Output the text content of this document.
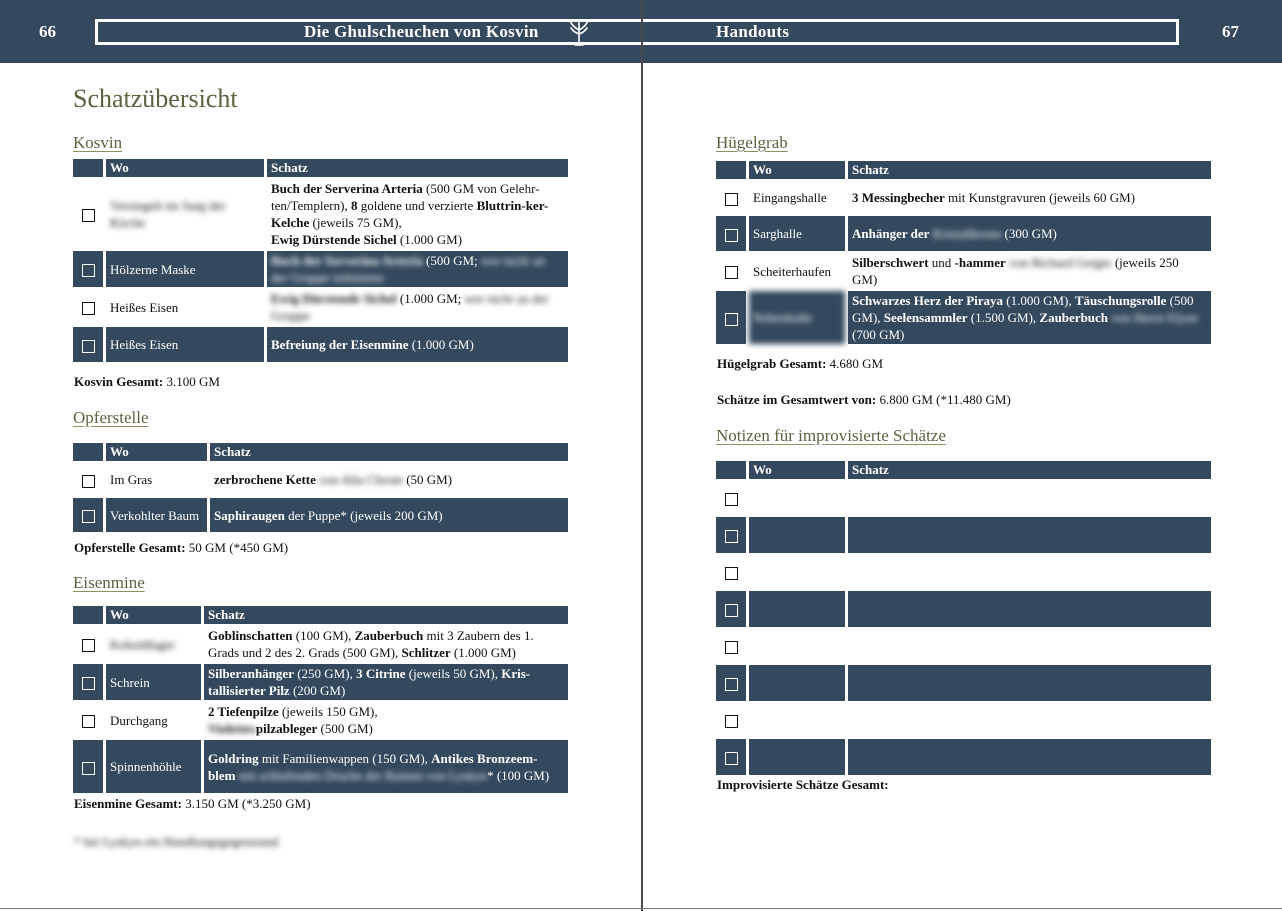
66	67
Die Ghulscheuchen von Kosvin	Handouts
Schatzübersicht
Kosvin
	Wo	Schatz
	Versiegelt im Sarg der Kirche	Buch der Serverina Arteria (500 GM von Gelehr-ten/Templern), 8 goldene und verzierte Bluttrin-ker-Kelche (jeweils 75 GM),
Ewig Dürstende Sichel (1.000 GM)
	Hölzerne Maske	Buch der Serverina Arteria (500 GM; wer nicht an der Gruppe teilnimmt
	Heißes Eisen	Ewig Dürstende Sichel (1.000 GM; wer nicht an der Gruppe
	Heißes Eisen	Befreiung der Eisenmine (1.000 GM)
Kosvin Gesamt: 3.100 GM
Opferstelle
	Wo	Schatz
	Im Gras	zerbrochene Kette von Alia Chrom (50 GM)
	Verkohlter Baum	Saphiraugen der Puppe* (jeweils 200 GM)
Opferstelle Gesamt: 50 GM (*450 GM)
Eisenmine
	Wo	Schatz
	Koboldlager	Goblinschatten (100 GM), Zauberbuch mit 3 Zaubern des 1. Grads und 2 des 2. Grads (500 GM), Schlitzer (1.000 GM)
	Schrein	Silberanhänger (250 GM), 3 Citrine (jeweils 50 GM), Kris-tallisierter Pilz (200 GM)
	Durchgang	2 Tiefenpilze (jeweils 150 GM),
Violettespilzableger (500 GM)
	Spinnenhöhle	Goldring mit Familienwappen (150 GM), Antikes Bronzeem-blem mit schlafenden Drache der Ruinen von Lyskyn* (100 GM)
Eisenmine Gesamt: 3.150 GM (*3.250 GM)
* bei Lyskyn ein Handlungsgegenstand
Hügelgrab
	Wo	Schatz
	Eingangshalle	3 Messingbecher mit Kunstgravuren (jeweils 60 GM)
	Sarghalle	Anhänger der Kristallkrone (300 GM)
	Scheiterhaufen	Silberschwert und -hammer von Richard Geiger (jeweils 250 GM)
	Nebenhalle	Schwarzes Herz der Piraya (1.000 GM), Täuschungsrolle (500 GM), Seelensammler (1.500 GM), Zauberbuch von Herrn Elyen (700 GM)
Hügelgrab Gesamt: 4.680 GM
Schätze im Gesamtwert von: 6.800 GM (*11.480 GM)
Notizen für improvisierte Schätze
	Wo	Schatz

Improvisierte Schätze Gesamt:
